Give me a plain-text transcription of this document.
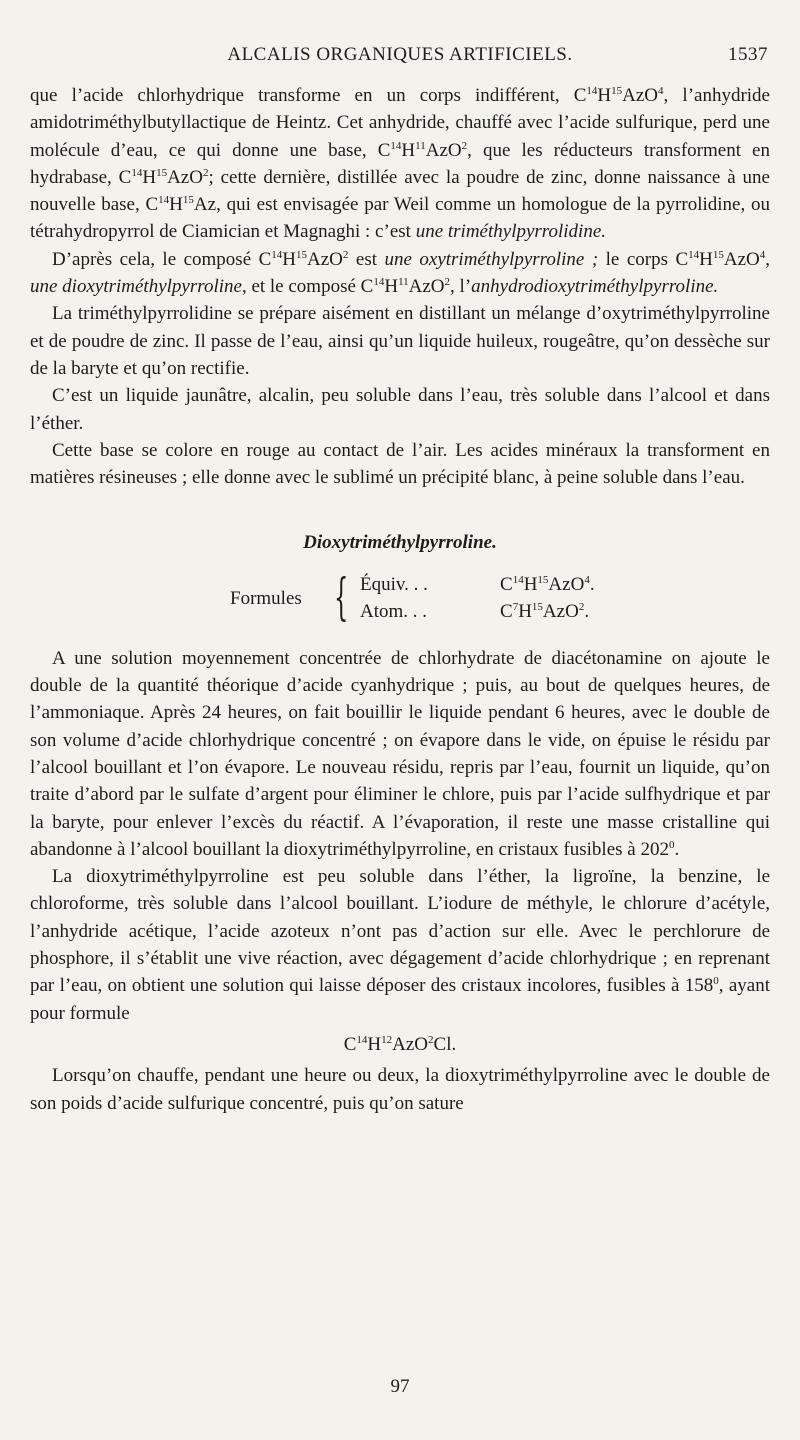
ALCALIS ORGANIQUES ARTIFICIELS.	1537

que l’acide chlorhydrique transforme en un corps indifférent, $C^{14}H^{15}AzO^4$, l’anhydride amidotriméthylbutyllactique de Heintz. Cet anhydride, chauffé avec l’acide sulfurique, perd une molécule d’eau, ce qui donne une base, $C^{14}H^{11}AzO^2$, que les réducteurs transforment en hydrabase, $C^{14}H^{15}AzO^2$; cette dernière, distillée avec la poudre de zinc, donne naissance à une nouvelle base, $C^{14}H^{15}Az$, qui est envisagée par Weil comme un homologue de la pyrrolidine, ou tétrahydropyrrol de Ciamician et Magnaghi : c’est une triméthylpyrrolidine.

D’après cela, le composé $C^{14}H^{15}AzO^2$ est une oxytriméthylpyrroline ; le corps $C^{14}H^{15}AzO^4$, une dioxytriméthylpyrroline, et le composé $C^{14}H^{11}AzO^2$, l’anhydrodioxytriméthylpyrroline.

La triméthylpyrrolidine se prépare aisément en distillant un mélange d’oxytriméthylpyrroline et de poudre de zinc. Il passe de l’eau, ainsi qu’un liquide huileux, rougeâtre, qu’on dessèche sur de la baryte et qu’on rectifie.

C’est un liquide jaunâtre, alcalin, peu soluble dans l’eau, très soluble dans l’alcool et dans l’éther.

Cette base se colore en rouge au contact de l’air. Les acides minéraux la transforment en matières résineuses ; elle donne avec le sublimé un précipité blanc, à peine soluble dans l’eau.

Dioxytriméthylpyrroline.

Formules { Équiv. . .
Atom. . .
$C^{14}H^{15}AzO^4$.
$C^7H^{15}AzO^2$.

A une solution moyennement concentrée de chlorhydrate de diacétonamine on ajoute le double de la quantité théorique d’acide cyanhydrique ; puis, au bout de quelques heures, de l’ammoniaque. Après 24 heures, on fait bouillir le liquide pendant 6 heures, avec le double de son volume d’acide chlorhydrique concentré ; on évapore dans le vide, on épuise le résidu par l’alcool bouillant et l’on évapore. Le nouveau résidu, repris par l’eau, fournit un liquide, qu’on traite d’abord par le sulfate d’argent pour éliminer le chlore, puis par l’acide sulfhydrique et par la baryte, pour enlever l’excès du réactif. A l’évaporation, il reste une masse cristalline qui abandonne à l’alcool bouillant la dioxytriméthylpyrroline, en cristaux fusibles à $202^0$.

La dioxytriméthylpyrroline est peu soluble dans l’éther, la ligroïne, la benzine, le chloroforme, très soluble dans l’alcool bouillant. L’iodure de méthyle, le chlorure d’acétyle, l’anhydride acétique, l’acide azoteux n’ont pas d’action sur elle. Avec le perchlorure de phosphore, il s’établit une vive réaction, avec dégagement d’acide chlorhydrique ; en reprenant par l’eau, on obtient une solution qui laisse déposer des cristaux incolores, fusibles à $158^0$, ayant pour formule

$C^{14}H^{12}AzO^2Cl$.

Lorsqu’on chauffe, pendant une heure ou deux, la dioxytriméthylpyrroline avec le double de son poids d’acide sulfurique concentré, puis qu’on sature

97
